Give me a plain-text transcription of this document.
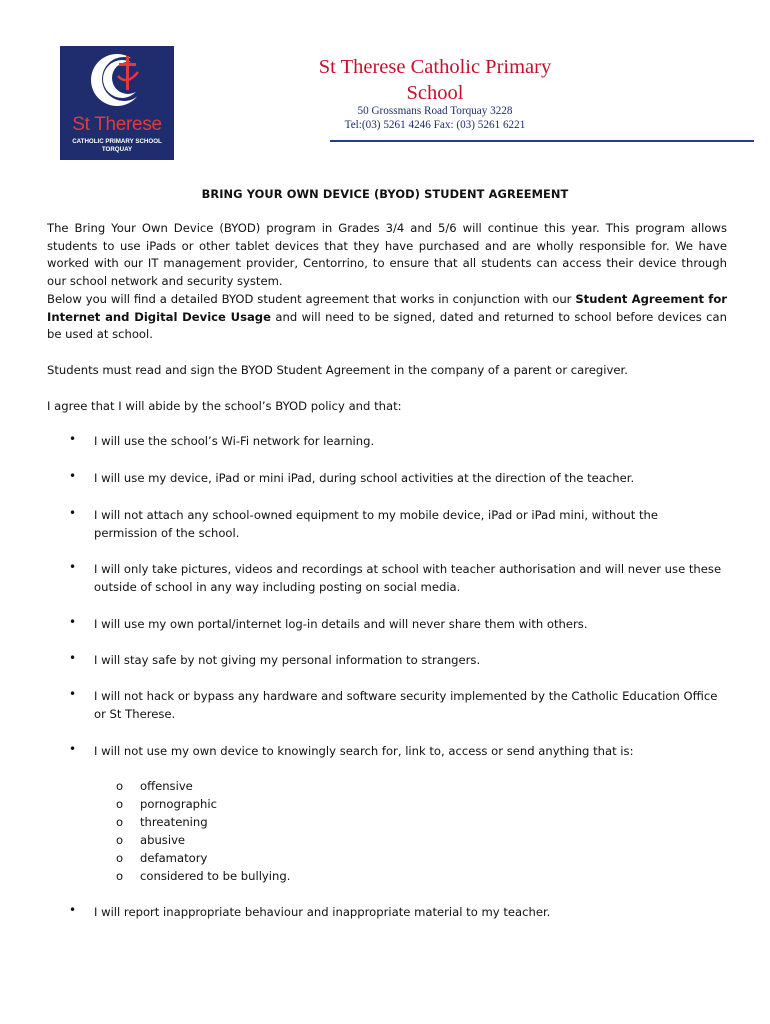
St Therese
CATHOLIC PRIMARY SCHOOL
TORQUAY
St Therese Catholic Primary
School
50 Grossmans Road Torquay 3228
Tel:(03) 5261 4246 Fax: (03) 5261 6221
BRING YOUR OWN DEVICE (BYOD) STUDENT AGREEMENT
The Bring Your Own Device (BYOD) program in Grades 3/4 and 5/6 will continue this year. This program allows students to use iPads or other tablet devices that they have purchased and are wholly responsible for. We have worked with our IT management provider, Centorrino, to ensure that all students can access their device through our school network and security system.
Below you will find a detailed BYOD student agreement that works in conjunction with our Student Agreement for Internet and Digital Device Usage and will need to be signed, dated and returned to school before devices can be used at school.
Students must read and sign the BYOD Student Agreement in the company of a parent or caregiver.
I agree that I will abide by the school’s BYOD policy and that:
• I will use the school’s Wi-Fi network for learning.
• I will use my device, iPad or mini iPad, during school activities at the direction of the teacher.
• I will not attach any school-owned equipment to my mobile device, iPad or iPad mini, without the permission of the school.
• I will only take pictures, videos and recordings at school with teacher authorisation and will never use these outside of school in any way including posting on social media.
• I will use my own portal/internet log-in details and will never share them with others.
• I will stay safe by not giving my personal information to strangers.
• I will not hack or bypass any hardware and software security implemented by the Catholic Education Office or St Therese.
• I will not use my own device to knowingly search for, link to, access or send anything that is:
o offensive
o pornographic
o threatening
o abusive
o defamatory
o considered to be bullying.
• I will report inappropriate behaviour and inappropriate material to my teacher.
